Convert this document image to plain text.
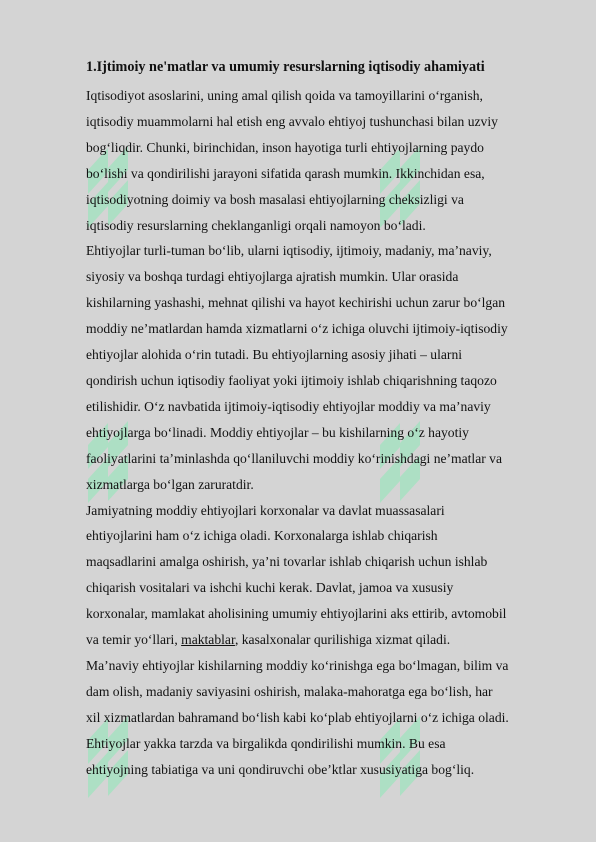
1.Ijtimoiy ne'matlar va umumiy resurslarning iqtisodiy ahamiyati

Iqtisodiyot asoslarini, uning amal qilish qoida va tamoyillarini o‘rganish,
iqtisodiy muammolarni hal etish eng avvalo ehtiyoj tushunchasi bilan uzviy
bog‘liqdir. Chunki, birinchidan, inson hayotiga turli ehtiyojlarning paydo
bo‘lishi va qondirilishi jarayoni sifatida qarash mumkin. Ikkinchidan esa,
iqtisodiyotning doimiy va bosh masalasi ehtiyojlarning cheksizligi va
iqtisodiy resurslarning cheklanganligi orqali namoyon bo‘ladi.

Ehtiyojlar turli-tuman bo‘lib, ularni iqtisodiy, ijtimoiy, madaniy, ma’naviy,
siyosiy va boshqa turdagi ehtiyojlarga ajratish mumkin. Ular orasida
kishilarning yashashi, mehnat qilishi va hayot kechirishi uchun zarur bo‘lgan
moddiy ne’matlardan hamda xizmatlarni o‘z ichiga oluvchi ijtimoiy-iqtisodiy
ehtiyojlar alohida o‘rin tutadi. Bu ehtiyojlarning asosiy jihati – ularni
qondirish uchun iqtisodiy faoliyat yoki ijtimoiy ishlab chiqarishning taqozo
etilishidir. O‘z navbatida ijtimoiy-iqtisodiy ehtiyojlar moddiy va ma’naviy
ehtiyojlarga bo‘linadi. Moddiy ehtiyojlar – bu kishilarning o‘z hayotiy
faoliyatlarini ta’minlashda qo‘llaniluvchi moddiy ko‘rinishdagi ne’matlar va
xizmatlarga bo‘lgan zaruratdir.

Jamiyatning moddiy ehtiyojlari korxonalar va davlat muassasalari
ehtiyojlarini ham o‘z ichiga oladi. Korxonalarga ishlab chiqarish
maqsadlarini amalga oshirish, ya’ni tovarlar ishlab chiqarish uchun ishlab
chiqarish vositalari va ishchi kuchi kerak. Davlat, jamoa va xususiy
korxonalar, mamlakat aholisining umumiy ehtiyojlarini aks ettirib, avtomobil
va temir yo‘llari, maktablar, kasalxonalar qurilishiga xizmat qiladi.

Ma’naviy ehtiyojlar kishilarning moddiy ko‘rinishga ega bo‘lmagan, bilim va
dam olish, madaniy saviyasini oshirish, malaka-mahoratga ega bo‘lish, har
xil xizmatlardan bahramand bo‘lish kabi ko‘plab ehtiyojlarni o‘z ichiga oladi.
Ehtiyojlar yakka tarzda va birgalikda qondirilishi mumkin. Bu esa
ehtiyojning tabiatiga va uni qondiruvchi obe’ktlar xususiyatiga bog‘liq.
